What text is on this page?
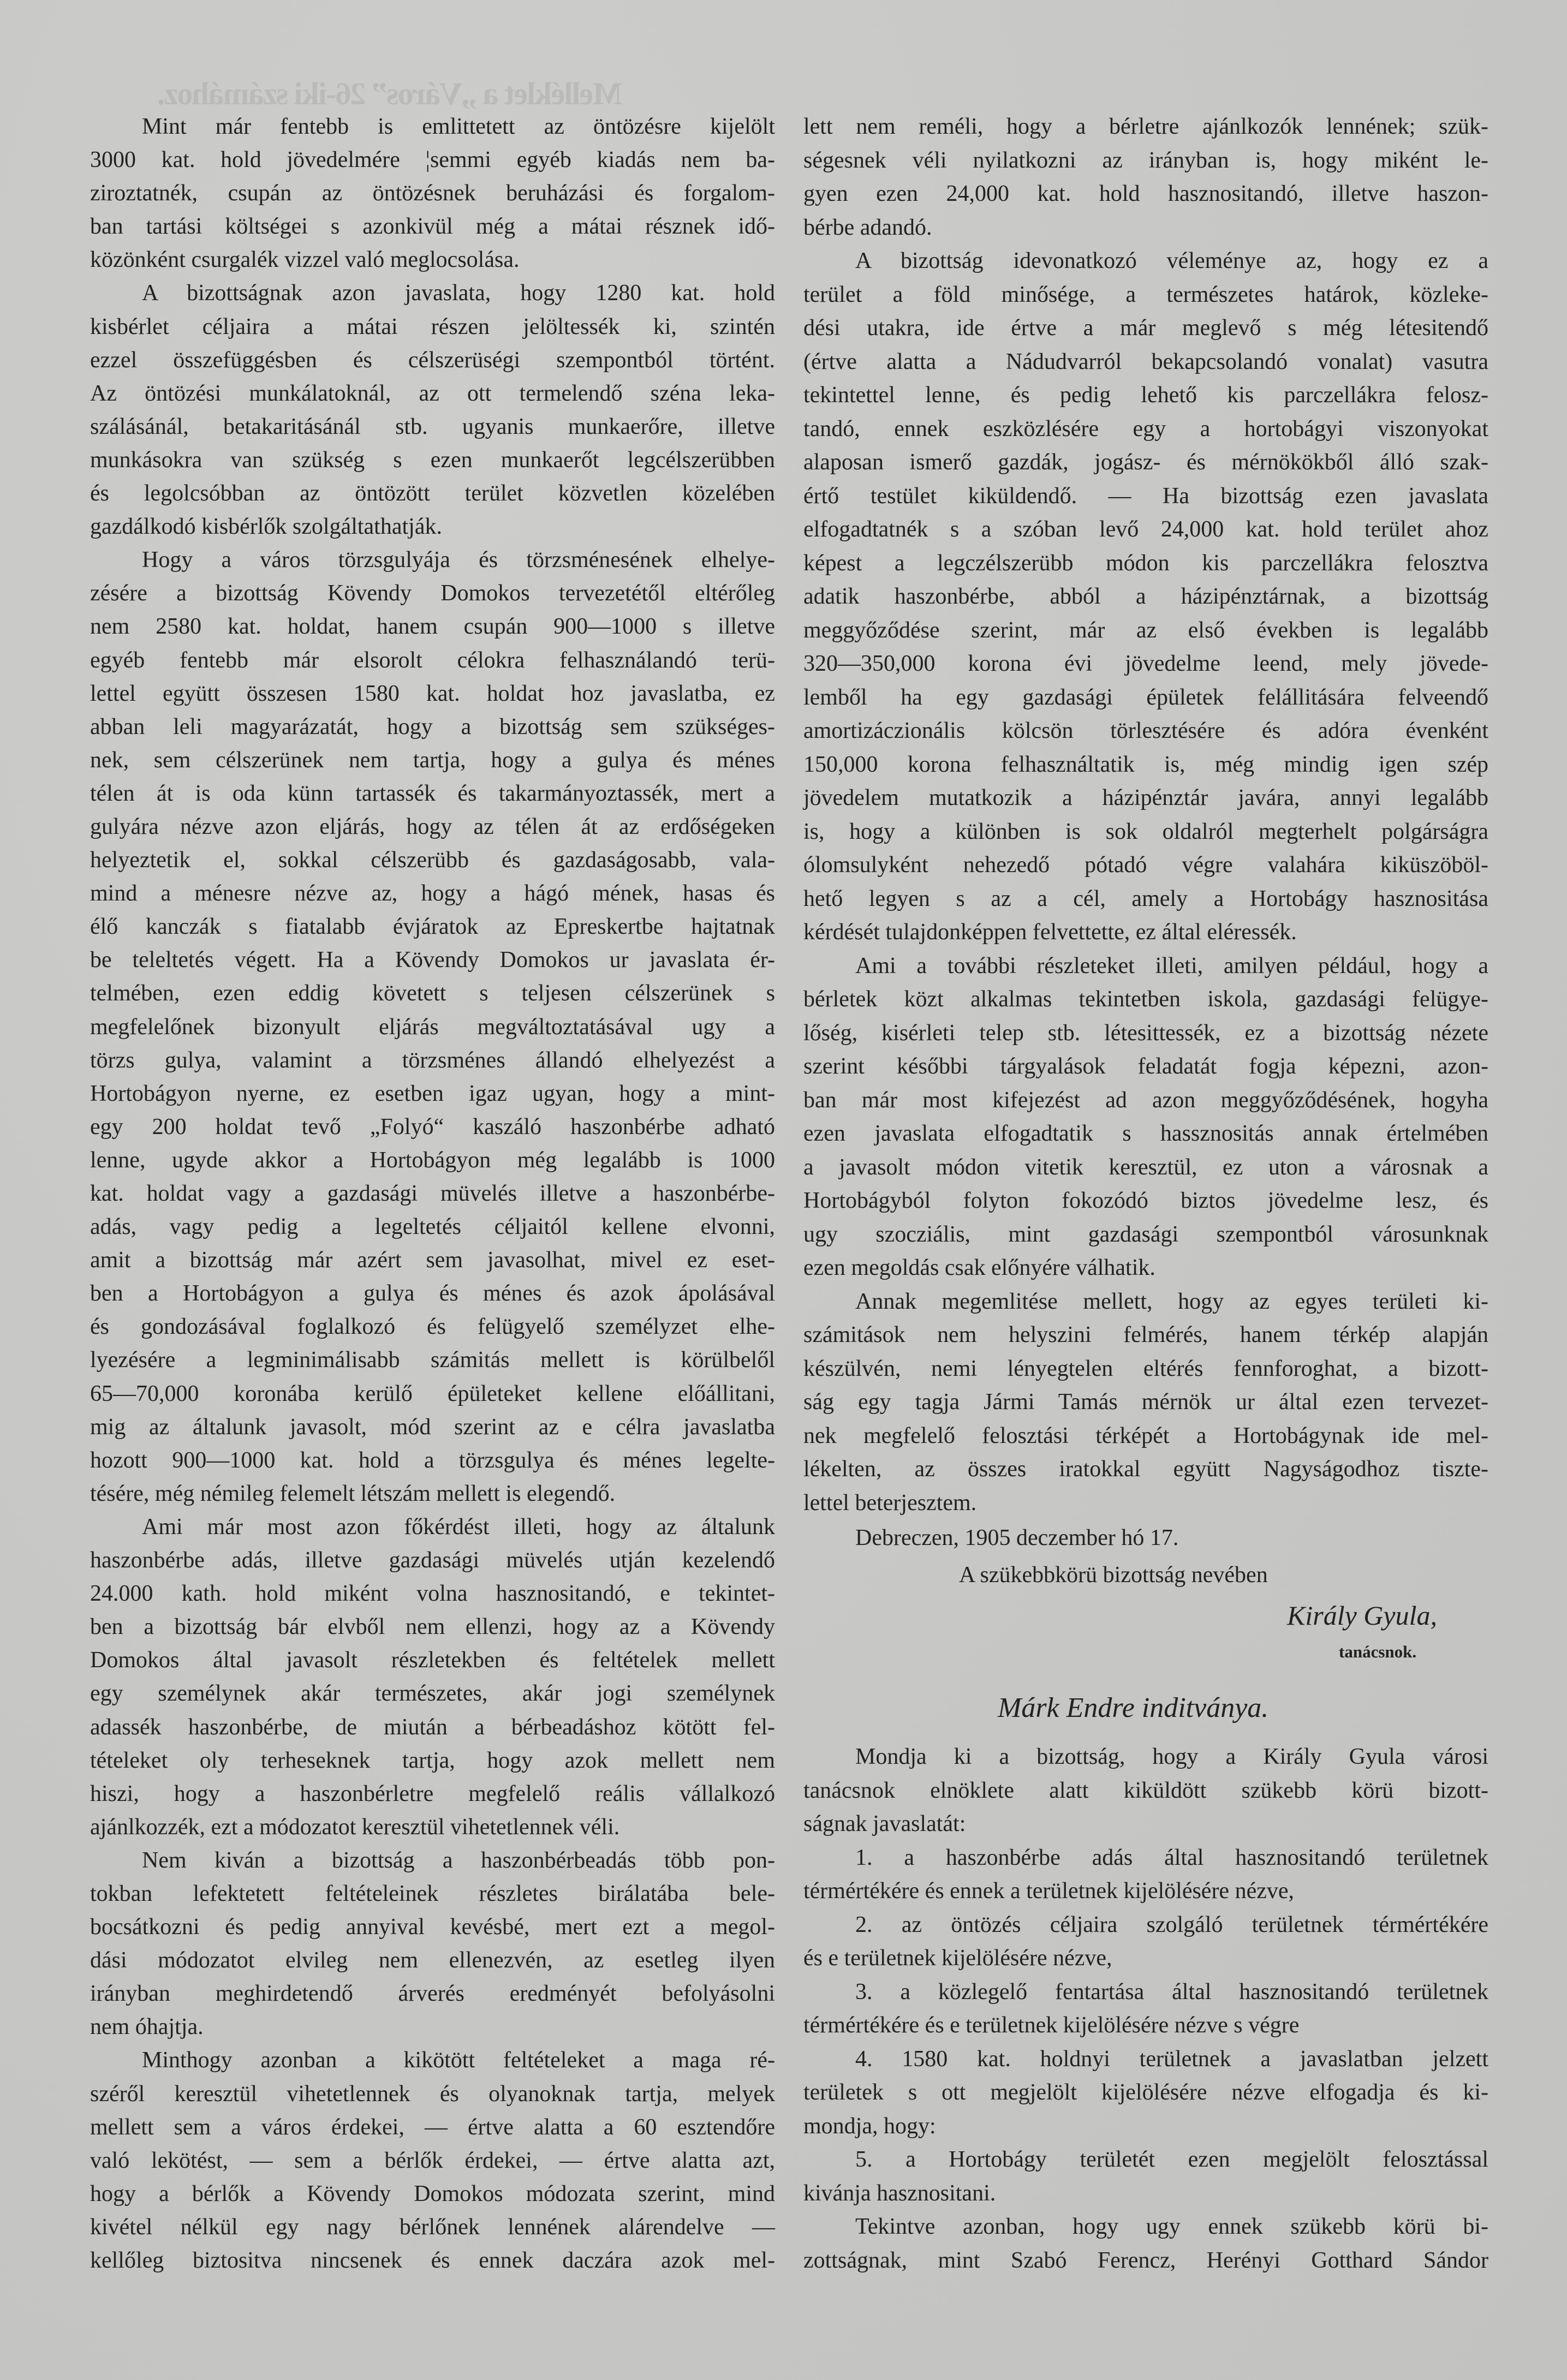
Melléklet a „Város” 26-iki számához.
Mint már fentebb is emlittetett az öntözésre kijelölt
3000 kat. hold jövedelmére ¦semmi egyéb kiadás nem ba-
ziroztatnék, csupán az öntözésnek beruházási és forgalom-
ban tartási költségei s azonkivül még a mátai résznek idő-
közönként csurgalék vizzel való meglocsolása.
A bizottságnak azon javaslata, hogy 1280 kat. hold
kisbérlet céljaira a mátai részen jelöltessék ki, szintén
ezzel összefüggésben és célszerüségi szempontból történt.
Az öntözési munkálatoknál, az ott termelendő széna leka-
szálásánál, betakaritásánál stb. ugyanis munkaerőre, illetve
munkásokra van szükség s ezen munkaerőt legcélszerübben
és legolcsóbban az öntözött terület közvetlen közelében
gazdálkodó kisbérlők szolgáltathatják.
Hogy a város törzsgulyája és törzsménesének elhelye-
zésére a bizottság Kövendy Domokos tervezetétől eltérőleg
nem 2580 kat. holdat, hanem csupán 900—1000 s illetve
egyéb fentebb már elsorolt célokra felhasználandó terü-
lettel együtt összesen 1580 kat. holdat hoz javaslatba, ez
abban leli magyarázatát, hogy a bizottság sem szükséges-
nek, sem célszerünek nem tartja, hogy a gulya és ménes
télen át is oda künn tartassék és takarmányoztassék, mert a
gulyára nézve azon eljárás, hogy az télen át az erdőségeken
helyeztetik el, sokkal célszerübb és gazdaságosabb, vala-
mind a ménesre nézve az, hogy a hágó mének, hasas és
élő kanczák s fiatalabb évjáratok az Epreskertbe hajtatnak
be teleltetés végett. Ha a Kövendy Domokos ur javaslata ér-
telmében, ezen eddig követett s teljesen célszerünek s
megfelelőnek bizonyult eljárás megváltoztatásával ugy a
törzs gulya, valamint a törzsménes állandó elhelyezést a
Hortobágyon nyerne, ez esetben igaz ugyan, hogy a mint-
egy 200 holdat tevő „Folyó“ kaszáló haszonbérbe adható
lenne, ugyde akkor a Hortobágyon még legalább is 1000
kat. holdat vagy a gazdasági müvelés illetve a haszonbérbe-
adás, vagy pedig a legeltetés céljaitól kellene elvonni,
amit a bizottság már azért sem javasolhat, mivel ez eset-
ben a Hortobágyon a gulya és ménes és azok ápolásával
és gondozásával foglalkozó és felügyelő személyzet elhe-
lyezésére a legminimálisabb számitás mellett is körülbelől
65—70,000 koronába kerülő épületeket kellene előállitani,
mig az általunk javasolt, mód szerint az e célra javaslatba
hozott 900—1000 kat. hold a törzsgulya és ménes legelte-
tésére, még némileg felemelt létszám mellett is elegendő.
Ami már most azon főkérdést illeti, hogy az általunk
haszonbérbe adás, illetve gazdasági müvelés utján kezelendő
24.000 kath. hold miként volna hasznositandó, e tekintet-
ben a bizottság bár elvből nem ellenzi, hogy az a Kövendy
Domokos által javasolt részletekben és feltételek mellett
egy személynek akár természetes, akár jogi személynek
adassék haszonbérbe, de miután a bérbeadáshoz kötött fel-
tételeket oly terheseknek tartja, hogy azok mellett nem
hiszi, hogy a haszonbérletre megfelelő reális vállalkozó
ajánlkozzék, ezt a módozatot keresztül vihetetlennek véli.
Nem kiván a bizottság a haszonbérbeadás több pon-
tokban lefektetett feltételeinek részletes birálatába bele-
bocsátkozni és pedig annyival kevésbé, mert ezt a megol-
dási módozatot elvileg nem ellenezvén, az esetleg ilyen
irányban meghirdetendő árverés eredményét befolyásolni
nem óhajtja.
Minthogy azonban a kikötött feltételeket a maga ré-
széről keresztül vihetetlennek és olyanoknak tartja, melyek
mellett sem a város érdekei, — értve alatta a 60 esztendőre
való lekötést, — sem a bérlők érdekei, — értve alatta azt,
hogy a bérlők a Kövendy Domokos módozata szerint, mind
kivétel nélkül egy nagy bérlőnek lennének alárendelve —
kellőleg biztositva nincsenek és ennek daczára azok mel-
lett nem reméli, hogy a bérletre ajánlkozók lennének; szük-
ségesnek véli nyilatkozni az irányban is, hogy miként le-
gyen ezen 24,000 kat. hold hasznositandó, illetve haszon-
bérbe adandó.
A bizottság idevonatkozó véleménye az, hogy ez a
terület a föld minősége, a természetes határok, közleke-
dési utakra, ide értve a már meglevő s még létesitendő
(értve alatta a Nádudvarról bekapcsolandó vonalat) vasutra
tekintettel lenne, és pedig lehető kis parczellákra felosz-
tandó, ennek eszközlésére egy a hortobágyi viszonyokat
alaposan ismerő gazdák, jogász- és mérnökökből álló szak-
értő testület kiküldendő. — Ha bizottság ezen javaslata
elfogadtatnék s a szóban levő 24,000 kat. hold terület ahoz
képest a legczélszerübb módon kis parczellákra felosztva
adatik haszonbérbe, abból a házipénztárnak, a bizottság
meggyőződése szerint, már az első években is legalább
320—350,000 korona évi jövedelme leend, mely jövede-
lemből ha egy gazdasági épületek felállitására felveendő
amortizáczionális kölcsön törlesztésére és adóra évenként
150,000 korona felhasználtatik is, még mindig igen szép
jövedelem mutatkozik a házipénztár javára, annyi legalább
is, hogy a különben is sok oldalról megterhelt polgárságra
ólomsulyként nehezedő pótadó végre valahára kiküszöböl-
hető legyen s az a cél, amely a Hortobágy hasznositása
kérdését tulajdonképpen felvettette, ez által eléressék.
Ami a további részleteket illeti, amilyen például, hogy a
bérletek közt alkalmas tekintetben iskola, gazdasági felügye-
lőség, kisérleti telep stb. létesittessék, ez a bizottság nézete
szerint későbbi tárgyalások feladatát fogja képezni, azon-
ban már most kifejezést ad azon meggyőződésének, hogyha
ezen javaslata elfogadtatik s hassznositás annak értelmében
a javasolt módon vitetik keresztül, ez uton a városnak a
Hortobágyból folyton fokozódó biztos jövedelme lesz, és
ugy szocziális, mint gazdasági szempontból városunknak
ezen megoldás csak előnyére válhatik.
Annak megemlitése mellett, hogy az egyes területi ki-
számitások nem helyszini felmérés, hanem térkép alapján
készülvén, nemi lényegtelen eltérés fennforoghat, a bizott-
ság egy tagja Jármi Tamás mérnök ur által ezen tervezet-
nek megfelelő felosztási térképét a Hortobágynak ide mel-
lékelten, az összes iratokkal együtt Nagyságodhoz tiszte-
lettel beterjesztem.
Debreczen, 1905 deczember hó 17.
A szükebbkörü bizottság nevében
Király Gyula,
tanácsnok.
Márk Endre inditványa.
Mondja ki a bizottság, hogy a Király Gyula városi
tanácsnok elnöklete alatt kiküldött szükebb körü bizott-
ságnak javaslatát:
1. a haszonbérbe adás által hasznositandó területnek
térmértékére és ennek a területnek kijelölésére nézve,
2. az öntözés céljaira szolgáló területnek térmértékére
és e területnek kijelölésére nézve,
3. a közlegelő fentartása által hasznositandó területnek
térmértékére és e területnek kijelölésére nézve s végre
4. 1580 kat. holdnyi területnek a javaslatban jelzett
területek s ott megjelölt kijelölésére nézve elfogadja és ki-
mondja, hogy:
5. a Hortobágy területét ezen megjelölt felosztással
kivánja hasznositani.
Tekintve azonban, hogy ugy ennek szükebb körü bi-
zottságnak, mint Szabó Ferencz, Herényi Gotthard Sándor
